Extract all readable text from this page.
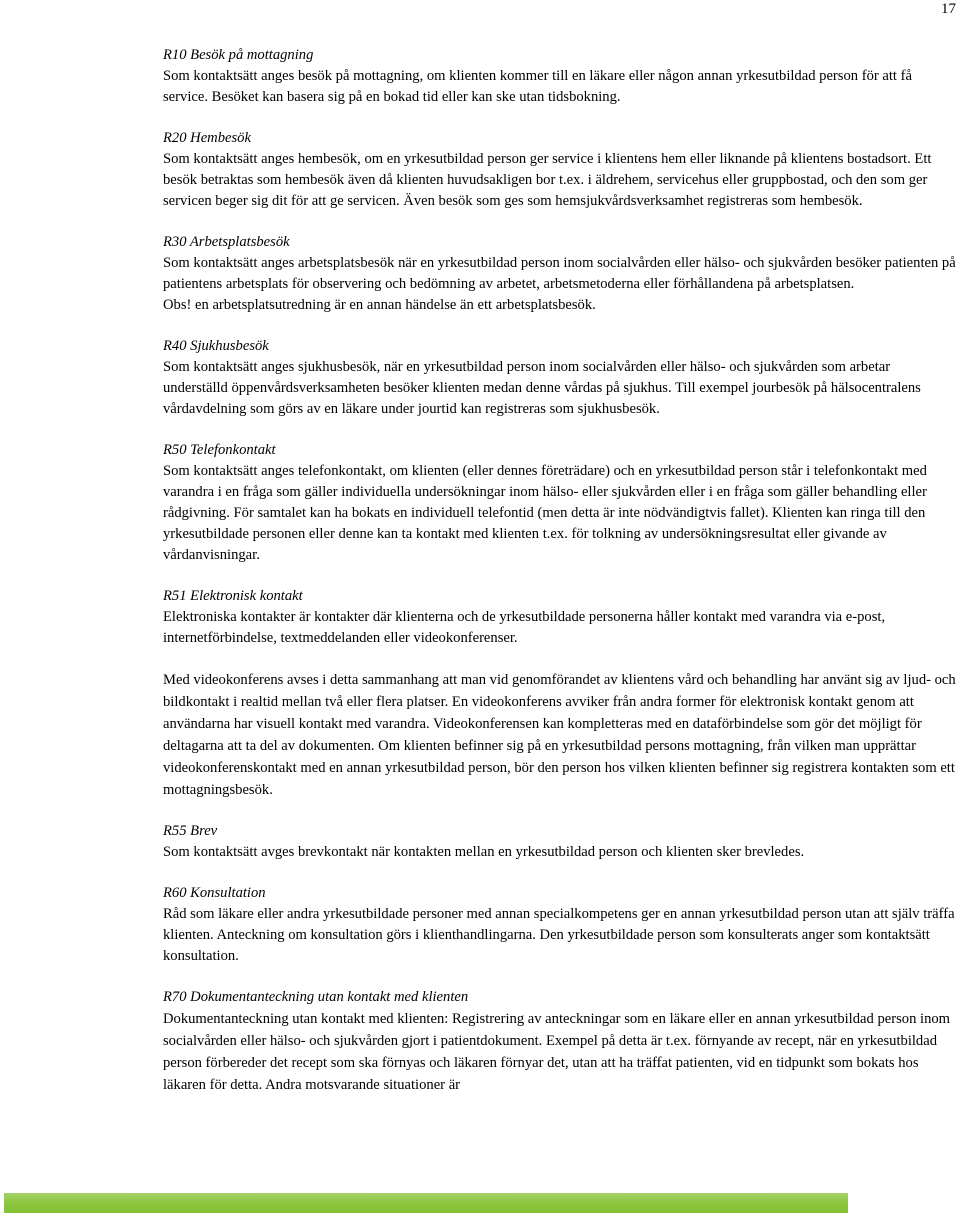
17

R10 Besök på mottagning

Som kontaktsätt anges besök på mottagning, om klienten kommer till en läkare eller någon annan yrkesutbildad person för att få service. Besöket kan basera sig på en bokad tid eller kan ske utan tidsbokning.

R20 Hembesök

Som kontaktsätt anges hembesök, om en yrkesutbildad person ger service i klientens hem eller liknande på klientens bostadsort. Ett besök betraktas som hembesök även då klienten huvudsakligen bor t.ex. i äldrehem, servicehus eller gruppbostad, och den som ger servicen beger sig dit för att ge servicen. Även besök som ges som hemsjukvårdsverksamhet registreras som hembesök.

R30 Arbetsplatsbesök

Som kontaktsätt anges arbetsplatsbesök när en yrkesutbildad person inom socialvården eller hälso- och sjukvården besöker patienten på patientens arbetsplats för observering och bedömning av arbetet, arbetsmetoderna eller förhållandena på arbetsplatsen.

Obs! en arbetsplatsutredning är en annan händelse än ett arbetsplatsbesök.

R40 Sjukhusbesök

Som kontaktsätt anges sjukhusbesök, när en yrkesutbildad person inom socialvården eller hälso- och sjukvården som arbetar underställd öppenvårdsverksamheten besöker klienten medan denne vårdas på sjukhus. Till exempel jourbesök på hälsocentralens vårdavdelning som görs av en läkare under jourtid kan registreras som sjukhusbesök.

R50 Telefonkontakt

Som kontaktsätt anges telefonkontakt, om klienten (eller dennes företrädare) och en yrkesutbildad person står i telefonkontakt med varandra i en fråga som gäller individuella undersökningar inom hälso- eller sjukvården eller i en fråga som gäller behandling eller rådgivning. För samtalet kan ha bokats en individuell telefontid (men detta är inte nödvändigtvis fallet). Klienten kan ringa till den yrkesutbildade personen eller denne kan ta kontakt med klienten t.ex. för tolkning av undersökningsresultat eller givande av vårdanvisningar.

R51 Elektronisk kontakt

Elektroniska kontakter är kontakter där klienterna och de yrkesutbildade personerna håller kontakt med varandra via e-post, internetförbindelse, textmeddelanden eller videokonferenser.

Med videokonferens avses i detta sammanhang att man vid genomförandet av klientens vård och behandling har använt sig av ljud- och bildkontakt i realtid mellan två eller flera platser. En videokonferens avviker från andra former för elektronisk kontakt genom att användarna har visuell kontakt med varandra. Videokonferensen kan kompletteras med en dataförbindelse som gör det möjligt för deltagarna att ta del av dokumenten. Om klienten befinner sig på en yrkesutbildad persons mottagning, från vilken man upprättar videokonferenskontakt med en annan yrkesutbildad person, bör den person hos vilken klienten befinner sig registrera kontakten som ett mottagningsbesök.

R55 Brev

Som kontaktsätt avges brevkontakt när kontakten mellan en yrkesutbildad person och klienten sker brevledes.

R60 Konsultation

Råd som läkare eller andra yrkesutbildade personer med annan specialkompetens ger en annan yrkesutbildad person utan att själv träffa klienten. Anteckning om konsultation görs i klienthandlingarna. Den yrkesutbildade person som konsulterats anger som kontaktsätt konsultation.

R70 Dokumentanteckning utan kontakt med klienten

Dokumentanteckning utan kontakt med klienten: Registrering av anteckningar som en läkare eller en annan yrkesutbildad person inom socialvården eller hälso- och sjukvården gjort i patientdokument. Exempel på detta är t.ex. förnyande av recept, när en yrkesutbildad person förbereder det recept som ska förnyas och läkaren förnyar det, utan att ha träffat patienten, vid en tidpunkt som bokats hos läkaren för detta. Andra motsvarande situationer är
